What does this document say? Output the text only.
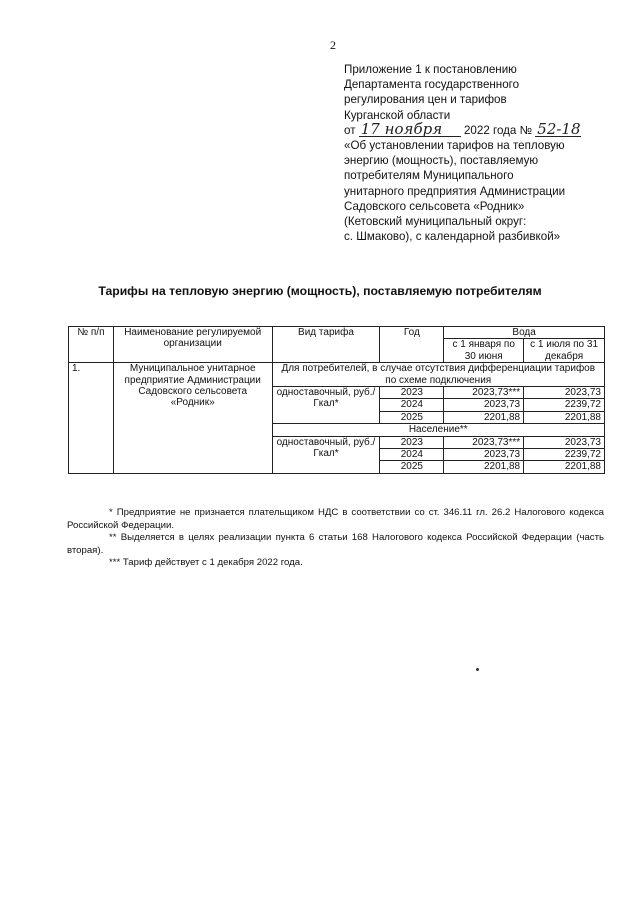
2
Приложение 1 к постановлению
Департамента государственного
регулирования цен и тарифов
Курганской области
от 17 ноября 2022 года № 52-18
«Об установлении тарифов на тепловую
энергию (мощность), поставляемую
потребителям Муниципального
унитарного предприятия Администрации
Садовского сельсовета «Родник»
(Кетовский муниципальный округ:
с. Шмаково), с календарной разбивкой»
Тарифы на тепловую энергию (мощность), поставляемую потребителям
№ п/п	Наименование регулируемой организации	Вид тарифа	Год	Вода	
				с 1 января по 30 июня	с 1 июля по 31 декабря
1.	Муниципальное унитарное предприятие Администрации Садовского сельсовета «Родник»	Для потребителей, в случае отсутствия дифференциации тарифов по схеме подключения			
		одноставочный, руб./Гкал*	2023	2023,73***	2023,73
			2024	2023,73	2239,72
			2025	2201,88	2201,88
		Население**			
		одноставочный, руб./Гкал*	2023	2023,73***	2023,73
			2024	2023,73	2239,72
			2025	2201,88	2201,88

* Предприятие не признается плательщиком НДС в соответствии со ст. 346.11 гл. 26.2 Налогового кодекса Российской Федерации.

** Выделяется в целях реализации пункта 6 статьи 168 Налогового кодекса Российской Федерации (часть вторая).

*** Тариф действует с 1 декабря 2022 года.
